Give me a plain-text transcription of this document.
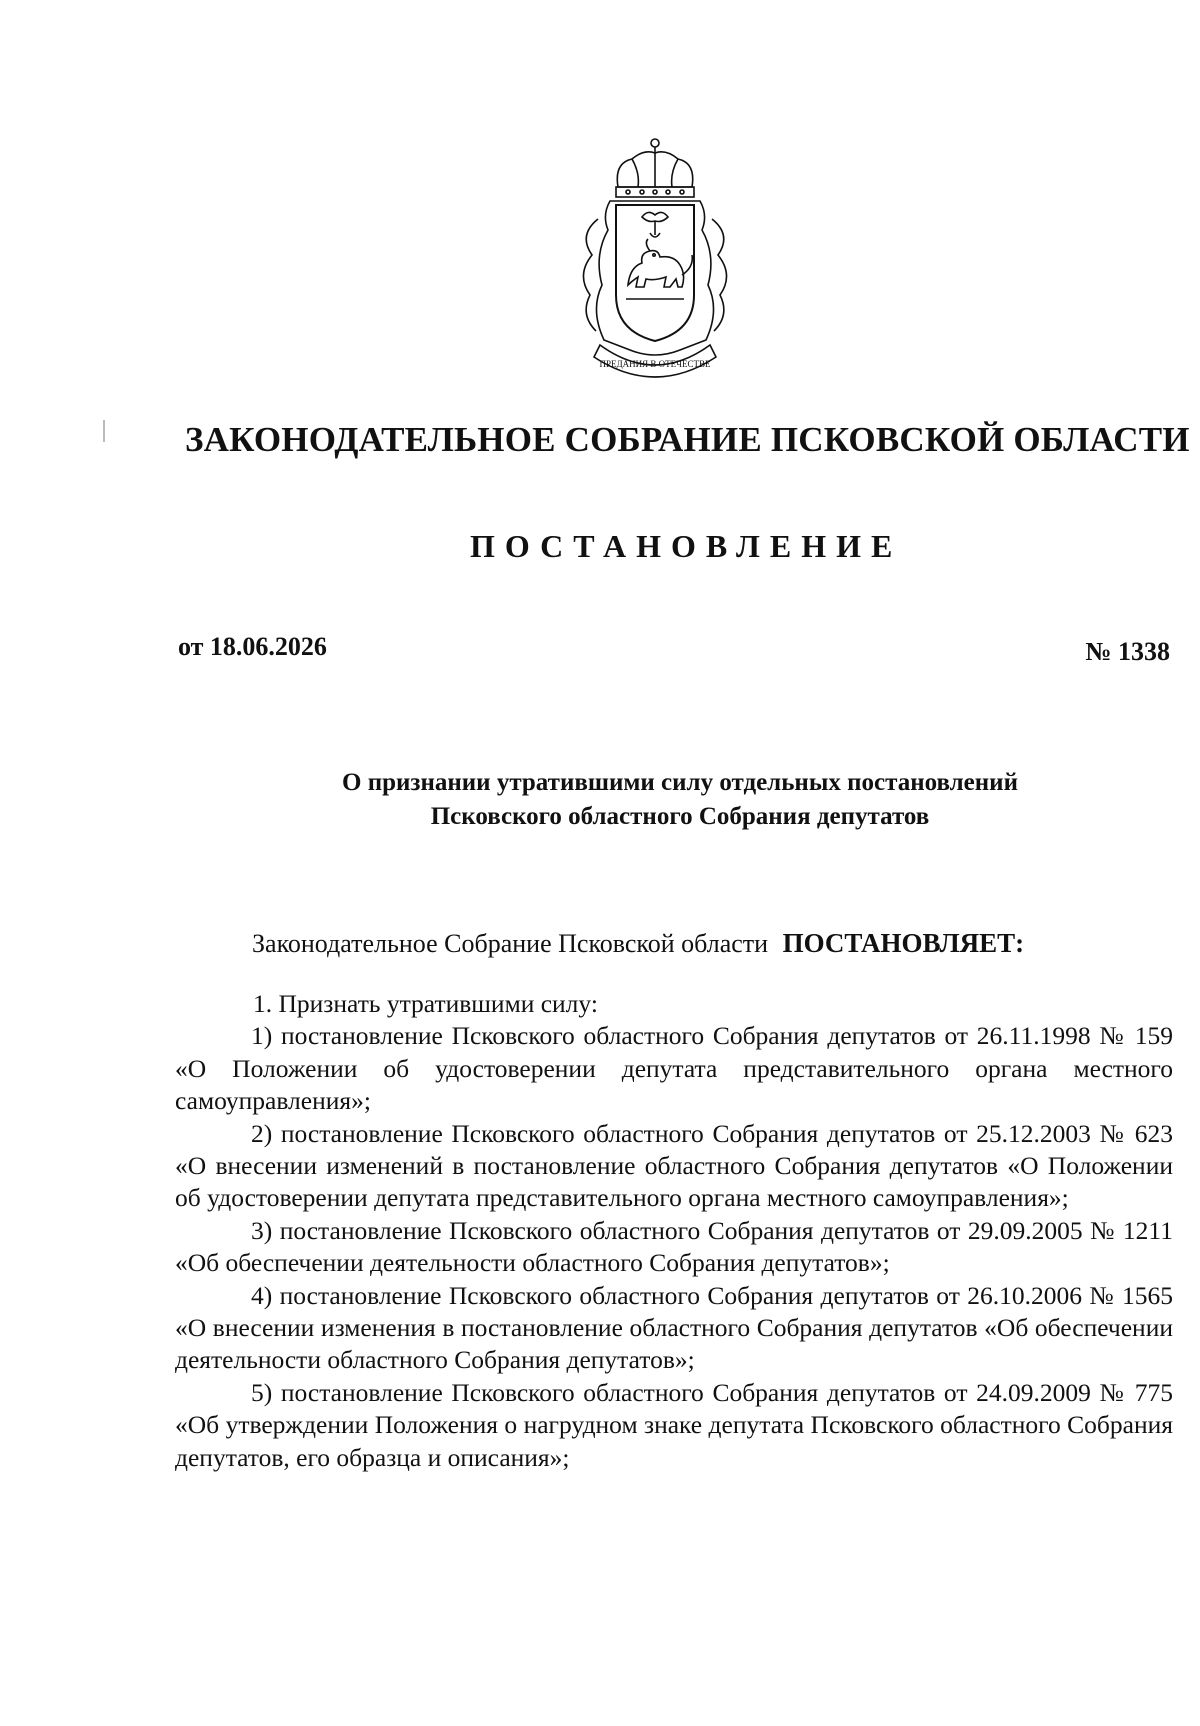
ПРЕДАНИЯ В ОТЕЧЕСТВЕ
ЗАКОНОДАТЕЛЬНОЕ СОБРАНИЕ ПСКОВСКОЙ ОБЛАСТИ
ПОСТАНОВЛЕНИЕ
от 18.06.2026	№ 1338
О признании утратившими силу отдельных постановлений
Псковского областного Собрания депутатов
Законодательное Собрание Псковской области ПОСТАНОВЛЯЕТ:

1. Признать утратившими силу:

1) постановление Псковского областного Собрания депутатов от 26.11.1998 № 159 «О Положении об удостоверении депутата представительного органа местного самоуправления»;

2) постановление Псковского областного Собрания депутатов от 25.12.2003 № 623 «О внесении изменений в постановление областного Собрания депутатов «О Положении об удостоверении депутата представительного органа местного самоуправления»;

3) постановление Псковского областного Собрания депутатов от 29.09.2005 № 1211 «Об обеспечении деятельности областного Собрания депутатов»;

4) постановление Псковского областного Собрания депутатов от 26.10.2006 № 1565 «О внесении изменения в постановление областного Собрания депутатов «Об обеспечении деятельности областного Собрания депутатов»;

5) постановление Псковского областного Собрания депутатов от 24.09.2009 № 775 «Об утверждении Положения о нагрудном знаке депутата Псковского областного Собрания депутатов, его образца и описания»;
